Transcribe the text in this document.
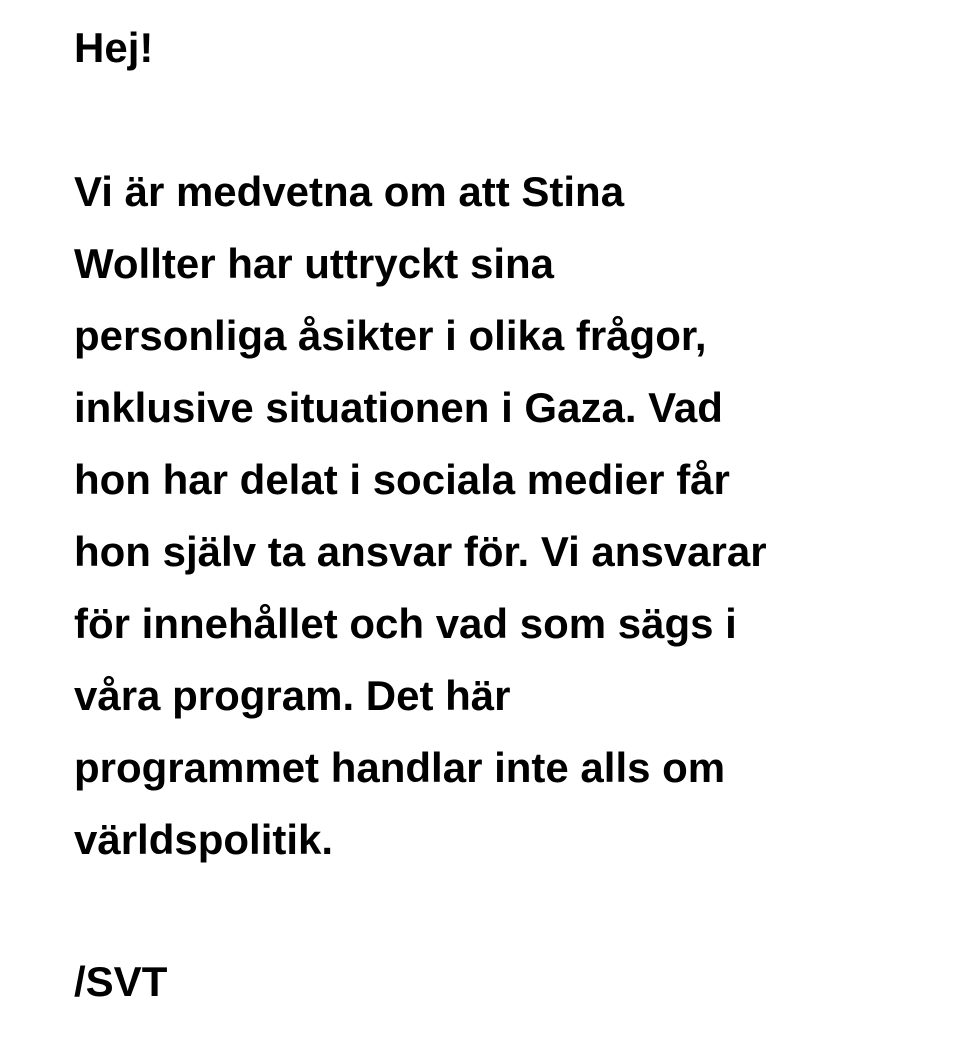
Hej!
Vi är medvetna om att Stina
Wollter har uttryckt sina
personliga åsikter i olika frågor,
inklusive situationen i Gaza. Vad
hon har delat i sociala medier får
hon själv ta ansvar för. Vi ansvarar
för innehållet och vad som sägs i
våra program. Det här
programmet handlar inte alls om
världspolitik.
/SVT
